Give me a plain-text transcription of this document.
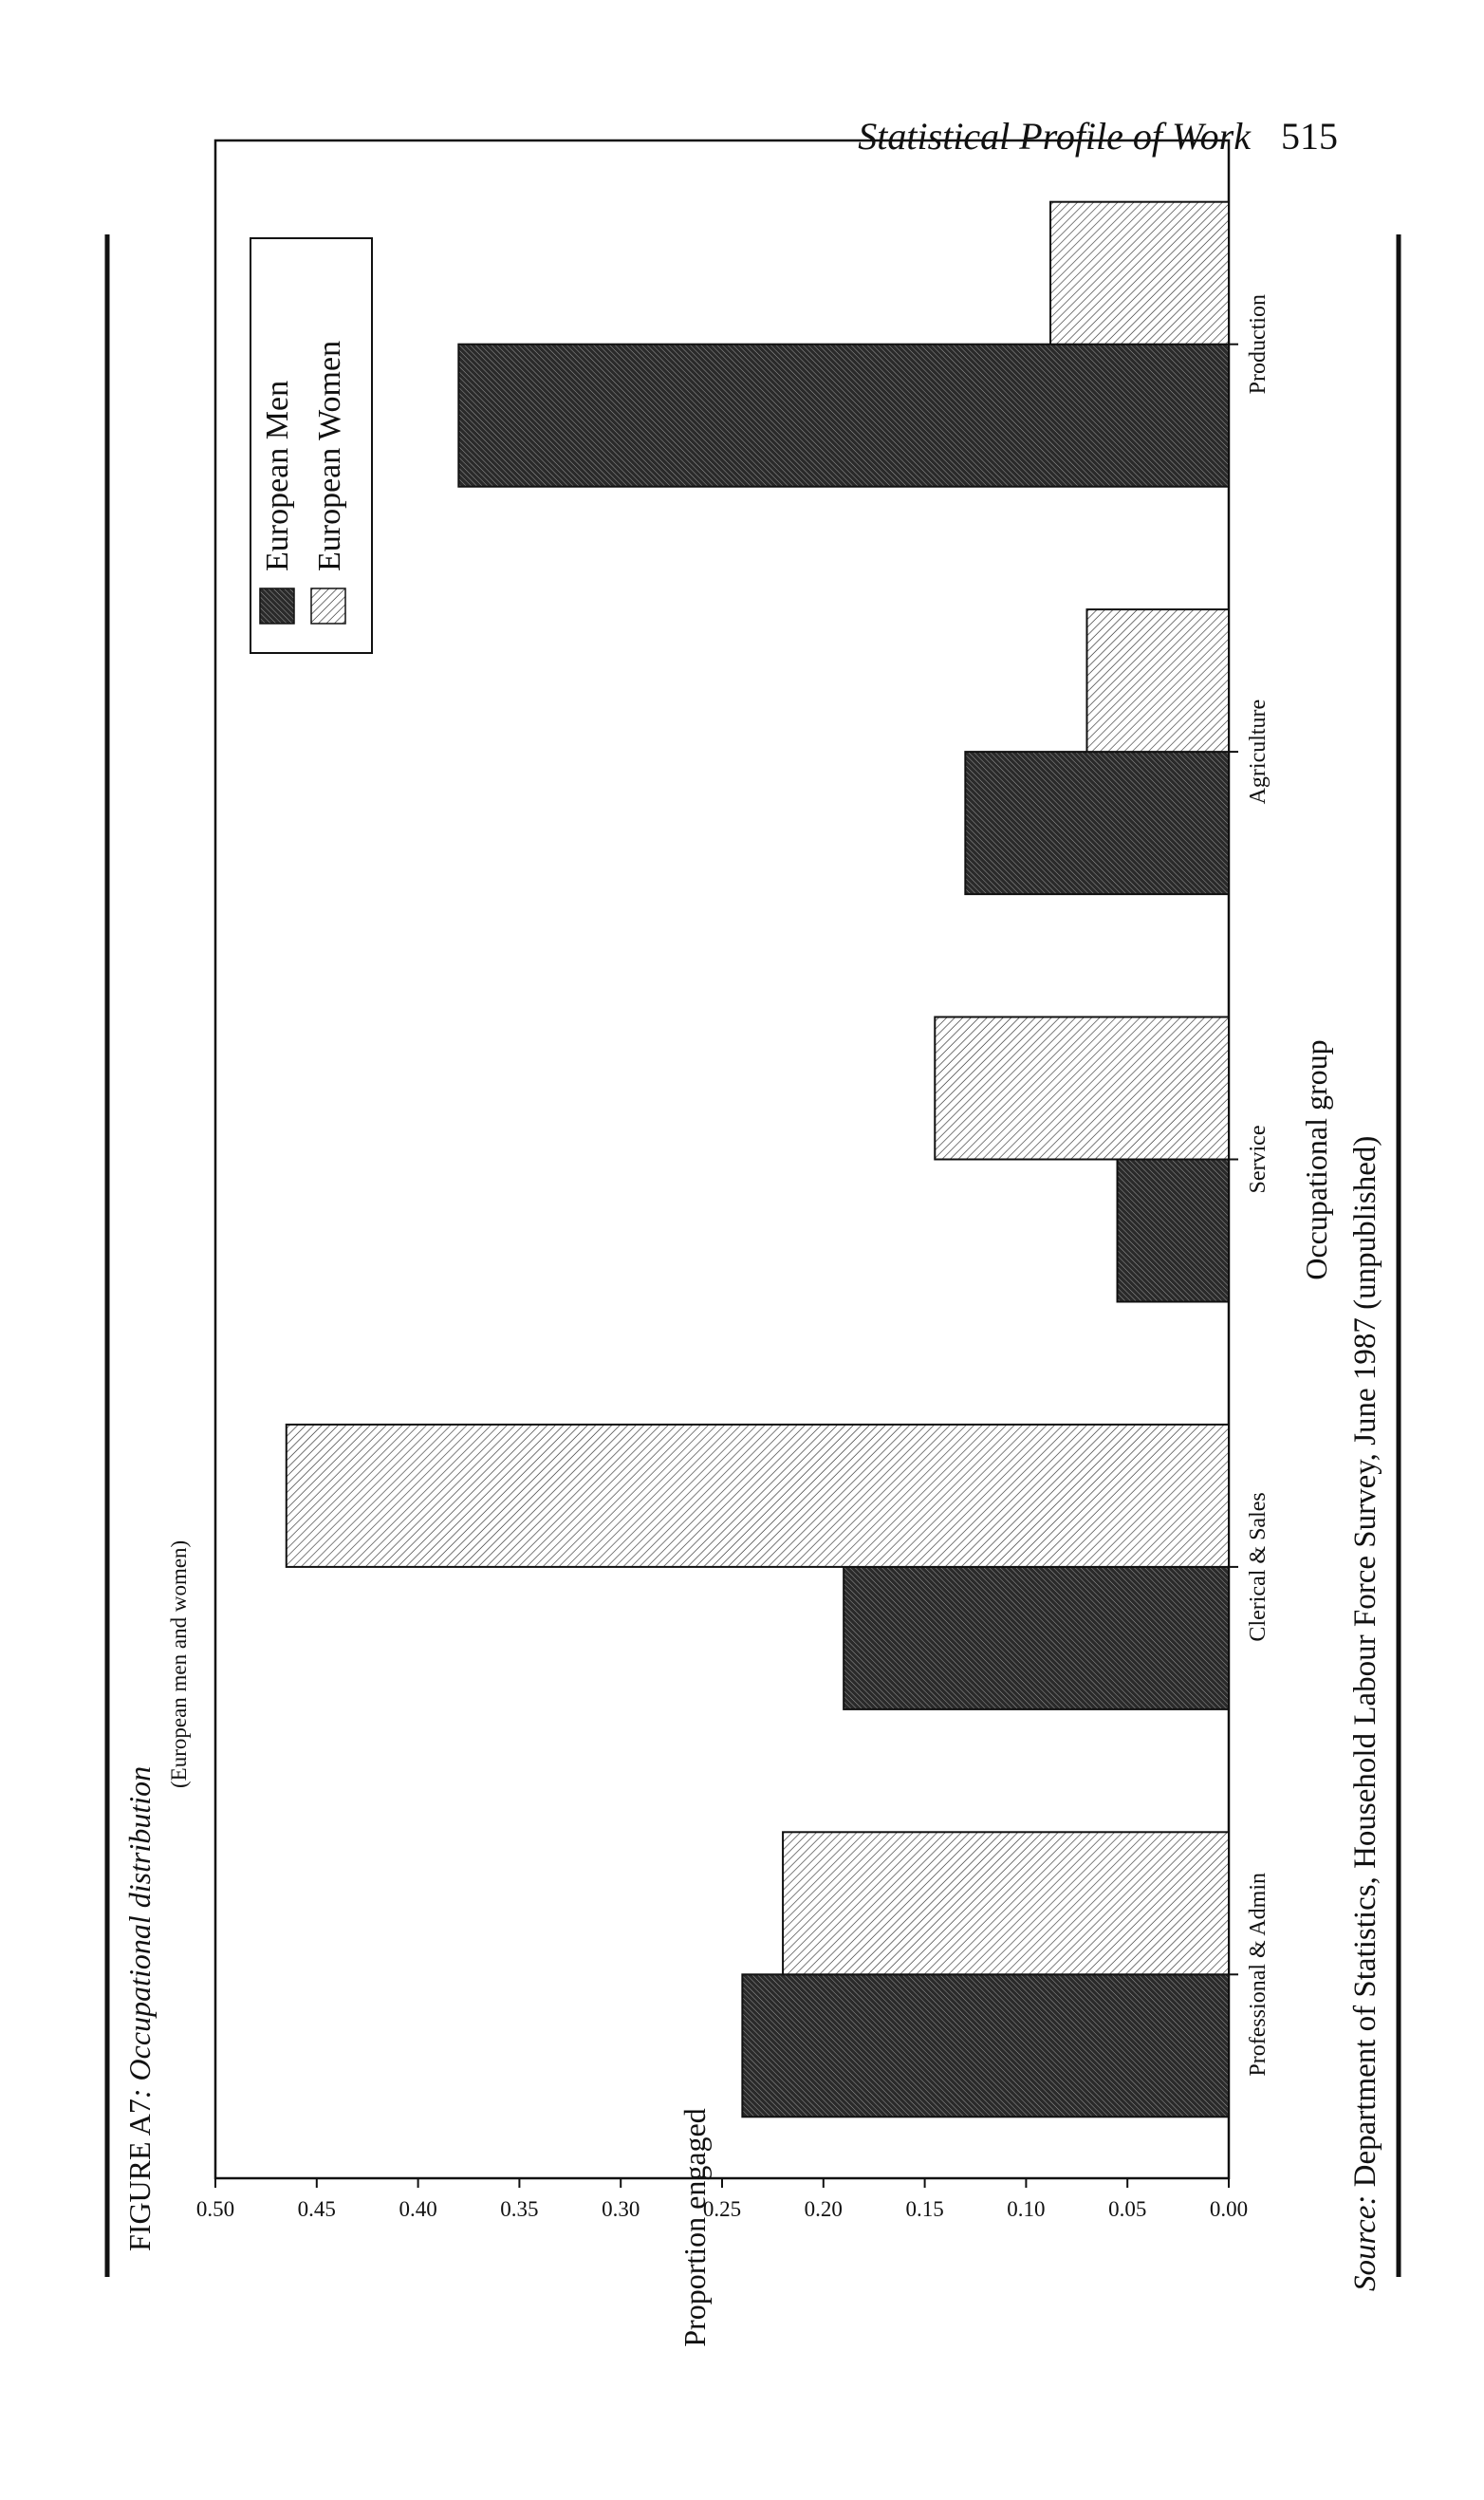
Statistical Profile of Work 515
FIGURE A7: Occupational distribution
(European men and women)
Proportion engaged	0.00
0.05
0.10
0.15
0.20
0.25
0.30
0.35
0.40
0.45
0.50
Professional & Admin
Clerical & Sales
Service
Agriculture
Production
Occupational group
European Men European Women
Source: Department of Statistics, Household Labour Force Survey, June 1987 (unpublished)
